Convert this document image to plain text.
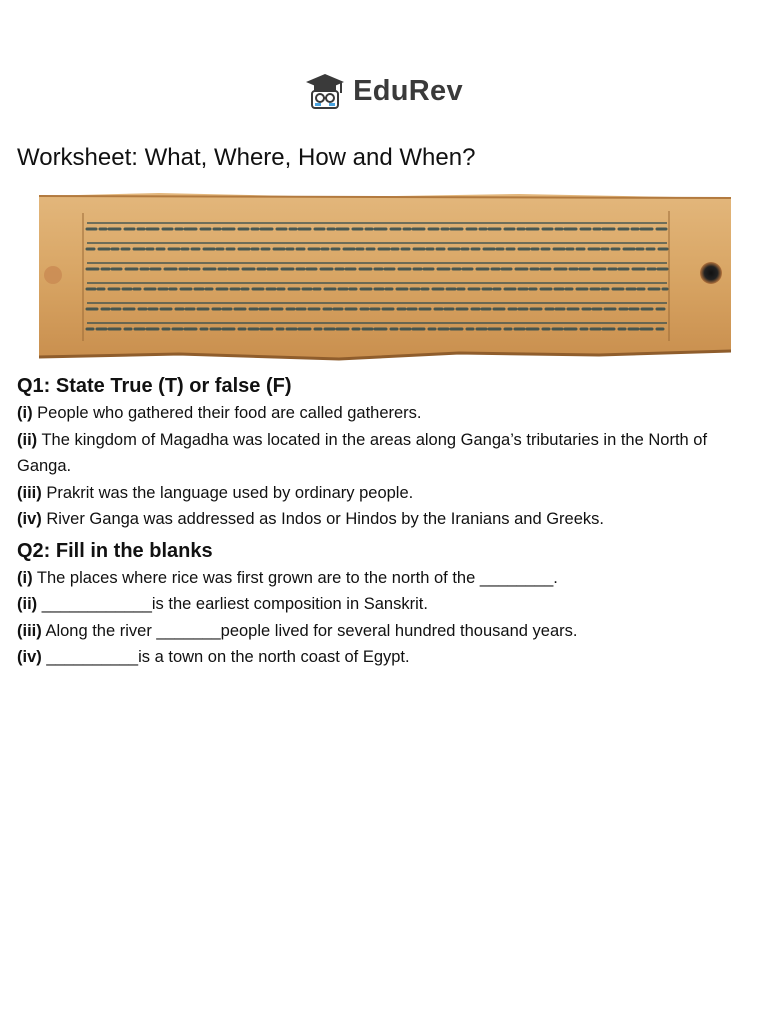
EduRev
Worksheet: What, Where, How and When?
Q1: State True (T) or false (F)

(i) People who gathered their food are called gatherers.

(ii) The kingdom of Magadha was located in the areas along Ganga’s tributaries in the North of Ganga.

(iii) Prakrit was the language used by ordinary people.

(iv) River Ganga was addressed as Indos or Hindos by the Iranians and Greeks.

Q2: Fill in the blanks

(i) The places where rice was first grown are to the north of the ________.

(ii) ____________is the earliest composition in Sanskrit.

(iii) Along the river _______people lived for several hundred thousand years.

(iv) __________is a town on the north coast of Egypt.
